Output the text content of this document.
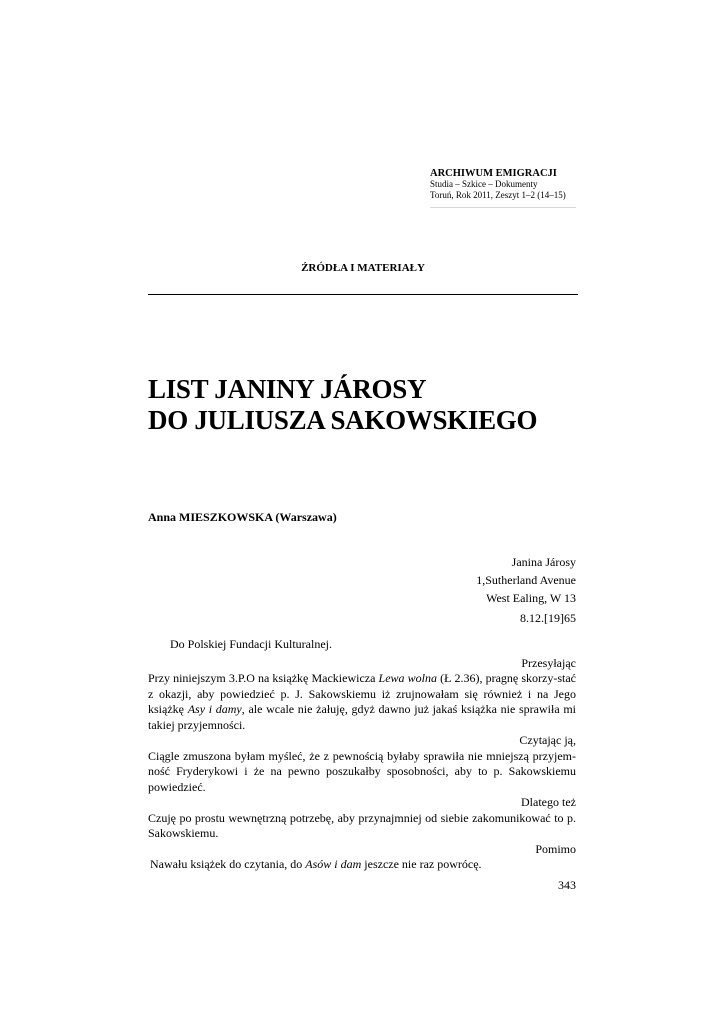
ARCHIWUM EMIGRACJI
Studia – Szkice – Dokumenty
Toruń, Rok 2011, Zeszyt 1–2 (14–15)
ŹRÓDŁA I MATERIAŁY
LIST JANINY JÁROSY
DO JULIUSZA SAKOWSKIEGO
Anna MIESZKOWSKA (Warszawa)
Janina Járosy
1,Sutherland Avenue
West Ealing, W 13
8.12.[19]65

Do Polskiej Fundacji Kulturalnej.

Przesyłając

Przy niniejszym 3.P.O na książkę Mackiewicza Lewa wolna (Ł 2.36), pragnę skorzy-stać z okazji, aby powiedzieć p. J. Sakowskiemu iż zrujnowałam się również i na Jego książkę Asy i damy, ale wcale nie żałuję, gdyż dawno już jakaś książka nie sprawiła mi takiej przyjemności.

Czytając ją,

Ciągle zmuszona byłam myśleć, że z pewnością byłaby sprawiła nie mniejszą przyjem-ność Fryderykowi i że na pewno poszukałby sposobności, aby to p. Sakowskiemu powiedzieć.

Dlatego też

Czuję po prostu wewnętrzną potrzebę, aby przynajmniej od siebie zakomunikować to p. Sakowskiemu.

Pomimo

Nawału książek do czytania, do Asów i dam jeszcze nie raz powrócę.

343
